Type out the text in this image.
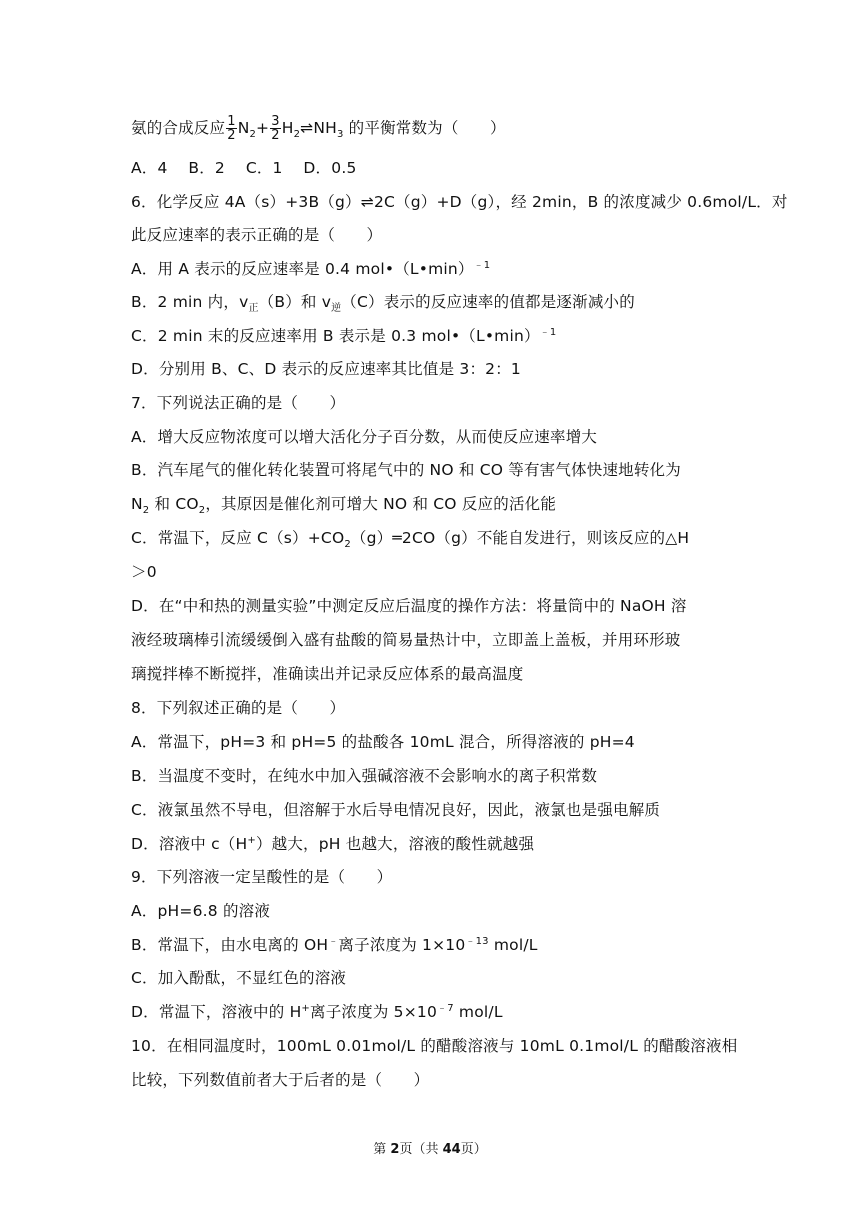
氨的合成反应 $\frac{1}{2} N_2+ \frac{3}{2}$ $H_2\rightleftharpoons NH_3$ 的平衡常数为（　　）
A．4　 B．2　 C．1　 D．0.5
6．化学反应 4A（s）+3B（g）⇌2C（g）+D（g），经 2min，B 的浓度减少 0.6mol/L．对
此反应速率的表示正确的是（　　）
A．用 A 表示的反应速率是 0.4 mol•（L•min）$^{﹣1}$
B．2 min 内，$v_正(B)$和 $v_逆(C)$表示的反应速率的值都是逐渐减小的
C．2 min 末的反应速率用 B 表示是 0.3 mol•（L•min）$^{﹣1}$
D．分别用 B、C、D 表示的反应速率其比值是 3：2：1
7．下列说法正确的是（　　）
A．增大反应物浓度可以增大活化分子百分数，从而使反应速率增大
B．汽车尾气的催化转化装置可将尾气中的 NO 和 CO 等有害气体快速地转化为
$N_2$ 和 $CO_2$，其原因是催化剂可增大 NO 和 CO 反应的活化能
C．常温下，反应 $C(s)+CO_2(g)═2CO(g)$不能自发进行，则该反应的△H
＞0
D．在“中和热的测量实验”中测定反应后温度的操作方法：将量筒中的 NaOH 溶
液经玻璃棒引流缓缓倒入盛有盐酸的简易量热计中，立即盖上盖板，并用环形玻
璃搅拌棒不断搅拌，准确读出并记录反应体系的最高温度
8．下列叙述正确的是（　　）
A．常温下，pH=3 和 pH=5 的盐酸各 10mL 混合，所得溶液的 pH=4
B．当温度不变时，在纯水中加入强碱溶液不会影响水的离子积常数
C．液氯虽然不导电，但溶解于水后导电情况良好，因此，液氯也是强电解质
D．溶液中 c（H+）越大，pH 也越大，溶液的酸性就越强
9．下列溶液一定呈酸性的是（　　）
A．pH=6.8 的溶液
B．常温下，由水电离的 OH﹣离子浓度为 $1\times 10^{﹣13}$ mol/L
C．加入酚酞，不显红色的溶液
D．常温下，溶液中的 H+离子浓度为 $5\times 10^{﹣7}$ mol/L
10．在相同温度时，100mL 0.01mol/L 的醋酸溶液与 10mL 0.1mol/L 的醋酸溶液相
比较，下列数值前者大于后者的是（　　）
第 2页（共 44页）
